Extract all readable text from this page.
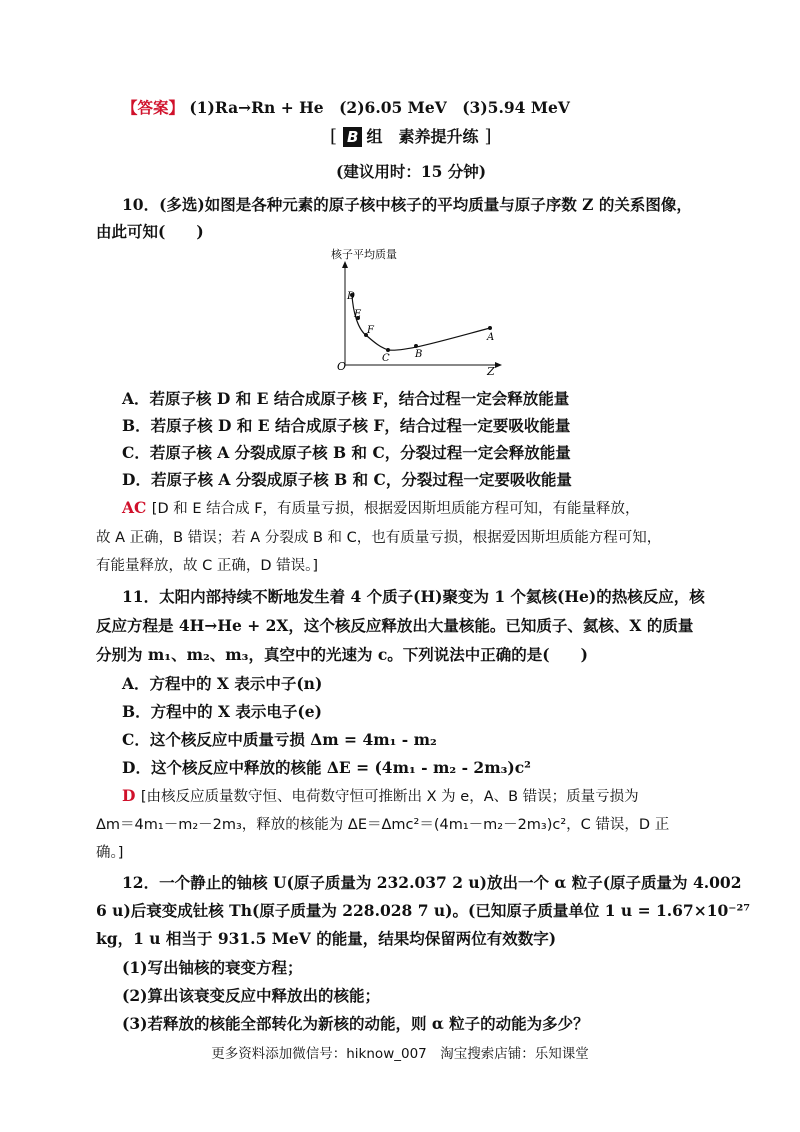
【答案】 (1)Ra→Rn + He　(2)6.05 MeV　(3)5.94 MeV
[ B 组　素养提升练 ]
(建议用时：15 分钟)
10．(多选)如图是各种元素的原子核中核子的平均质量与原子序数 Z 的关系图像，
由此可知(　　)
核子平均质量
O	Z
D
E
F
C	B
A
A．若原子核 D 和 E 结合成原子核 F，结合过程一定会释放能量
B．若原子核 D 和 E 结合成原子核 F，结合过程一定要吸收能量
C．若原子核 A 分裂成原子核 B 和 C，分裂过程一定会释放能量
D．若原子核 A 分裂成原子核 B 和 C，分裂过程一定要吸收能量
AC [D 和 E 结合成 F，有质量亏损，根据爱因斯坦质能方程可知，有能量释放，
故 A 正确，B 错误；若 A 分裂成 B 和 C，也有质量亏损，根据爱因斯坦质能方程可知，
有能量释放，故 C 正确，D 错误。]
11．太阳内部持续不断地发生着 4 个质子(H)聚变为 1 个氦核(He)的热核反应，核
反应方程是 4H→He + 2X，这个核反应释放出大量核能。已知质子、氦核、X 的质量
分别为 m₁、m₂、m₃，真空中的光速为 c。下列说法中正确的是(　　)
A．方程中的 X 表示中子(n)
B．方程中的 X 表示电子(e)
C．这个核反应中质量亏损 Δm = 4m₁ - m₂
D．这个核反应中释放的核能 ΔE = (4m₁ - m₂ - 2m₃)c²
D [由核反应质量数守恒、电荷数守恒可推断出 X 为 e，A、B 错误；质量亏损为
Δm＝4m₁－m₂－2m₃，释放的核能为 ΔE＝Δmc²＝(4m₁－m₂－2m₃)c²，C 错误，D 正
确。]
12．一个静止的铀核 U(原子质量为 232.037 2 u)放出一个 α 粒子(原子质量为 4.002
6 u)后衰变成钍核 Th(原子质量为 228.028 7 u)。(已知原子质量单位 1 u = 1.67×10⁻²⁷
kg，1 u 相当于 931.5 MeV 的能量，结果均保留两位有效数字)
(1)写出铀核的衰变方程；
(2)算出该衰变反应中释放出的核能；
(3)若释放的核能全部转化为新核的动能，则 α 粒子的动能为多少？
更多资料添加微信号：hiknow_007　淘宝搜索店铺：乐知课堂
